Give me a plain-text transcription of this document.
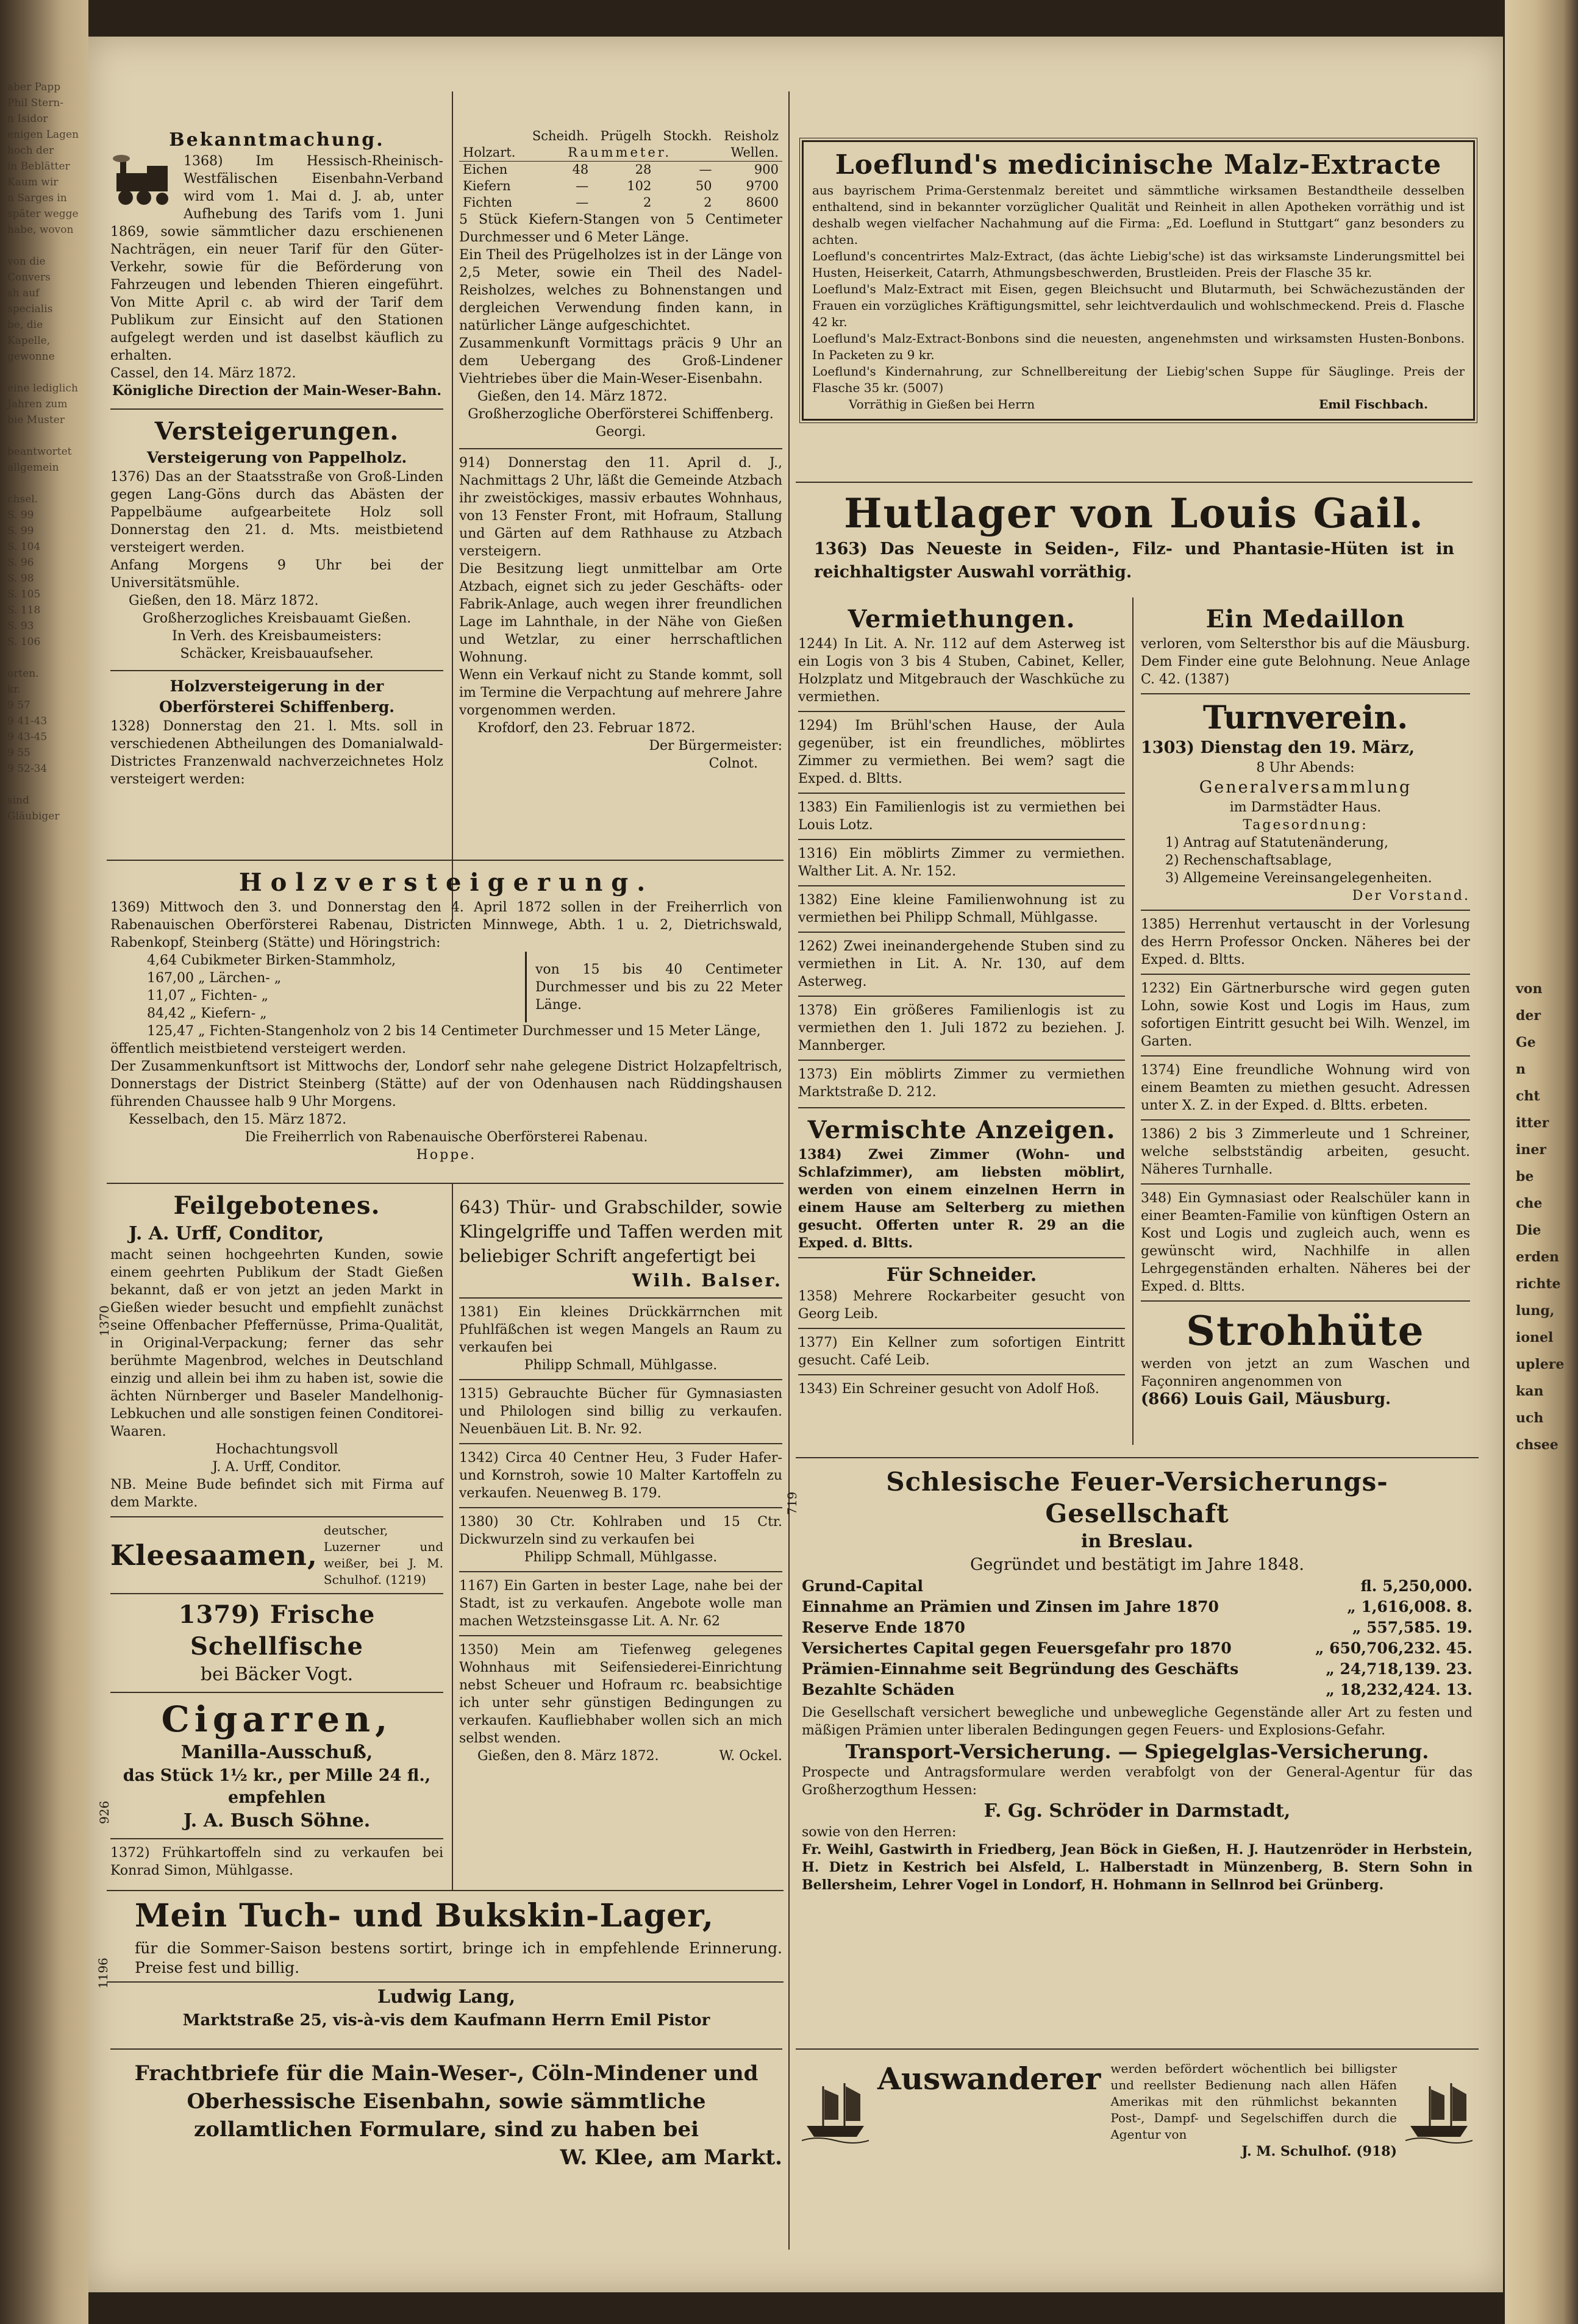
aber Papp
Phil Stern-
n Isidor
enigen Lagen
hoch der
in Beblätter
Kaum wir
n Sarges in
später wegge
habe, wovon

von die Convers
sh auf specialis
be, die
Kapelle, gewonne

eine lediglich
Jahren zum
bie Muster

beantwortet
allgemein

chsel.
S. 99
S. 99
S. 104
S. 96
S. 98
S. 105
S. 118
S. 93
S. 106

orten.
kr.
9 57
9 41-43
9 43-45
9 55
9 52-34

sind
Gläubiger
von
der
Ge
n
cht
itter
iner
be
che
Die
erden
richte
lung,
ionel
uplere
kan
uch
chsee
Bekanntmachung.

1368) Im Hessisch-Rheinisch-Westfälischen Eisenbahn-Verband wird vom 1. Mai d. J. ab, unter Aufhebung des Tarifs vom 1. Juni 1869, sowie sämmtlicher dazu erschienenen Nachträgen, ein neuer Tarif für den Güter-Verkehr, sowie für die Beförderung von Fahrzeugen und lebenden Thieren eingeführt. Von Mitte April c. ab wird der Tarif dem Publikum zur Einsicht auf den Stationen aufgelegt werden und ist daselbst käuflich zu erhalten.

Cassel, den 14. März 1872.

Königliche Direction der Main-Weser-Bahn.

Versteigerungen.
Versteigerung von Pappelholz.

1376) Das an der Staatsstraße von Groß-Linden gegen Lang-Göns durch das Abästen der Pappelbäume aufgearbeitete Holz soll Donnerstag den 21. d. Mts. meistbietend versteigert werden.

Anfang Morgens 9 Uhr bei der Universitätsmühle.

Gießen, den 18. März 1872.

Großherzogliches Kreisbauamt Gießen.

In Verh. des Kreisbaumeisters:

Schäcker, Kreisbauaufseher.

Holzversteigerung in der Oberförsterei Schiffenberg.

1328) Donnerstag den 21. l. Mts. soll in verschiedenen Abtheilungen des Domanialwald-Districtes Franzenwald nachverzeichnetes Holz versteigert werden:

	Scheidh.	Prügelh	Stockh.	Reisholz
Holzart.	Raummeter.			Wellen.
Eichen	48	28	—	900
Kiefern	—	102	50	9700
Fichten	—	2	2	8600

5 Stück Kiefern-Stangen von 5 Centimeter Durchmesser und 6 Meter Länge.

Ein Theil des Prügelholzes ist in der Länge von 2,5 Meter, sowie ein Theil des Nadel-Reisholzes, welches zu Bohnenstangen und dergleichen Verwendung finden kann, in natürlicher Länge aufgeschichtet.

Zusammenkunft Vormittags präcis 9 Uhr an dem Uebergang des Groß-Lindener Viehtriebes über die Main-Weser-Eisenbahn.

Gießen, den 14. März 1872.

Großherzogliche Oberförsterei Schiffenberg.

Georgi.

914) Donnerstag den 11. April d. J., Nachmittags 2 Uhr, läßt die Gemeinde Atzbach ihr zweistöckiges, massiv erbautes Wohnhaus, von 13 Fenster Front, mit Hofraum, Stallung und Gärten auf dem Rathhause zu Atzbach versteigern.

Die Besitzung liegt unmittelbar am Orte Atzbach, eignet sich zu jeder Geschäfts- oder Fabrik-Anlage, auch wegen ihrer freundlichen Lage im Lahnthale, in der Nähe von Gießen und Wetzlar, zu einer herrschaftlichen Wohnung.

Wenn ein Verkauf nicht zu Stande kommt, soll im Termine die Verpachtung auf mehrere Jahre vorgenommen werden.

Krofdorf, den 23. Februar 1872.

Der Bürgermeister:

Colnot.

Holzversteigerung.

1369) Mittwoch den 3. und Donnerstag den 4. April 1872 sollen in der Freiherrlich von Rabenauischen Oberförsterei Rabenau, Districten Minnwege, Abth. 1 u. 2, Dietrichswald, Rabenkopf, Steinberg (Stätte) und Höringstrich:

4,64 Cubikmeter Birken-Stammholz,

167,00 „ Lärchen- „

11,07 „ Fichten- „

84,42 „ Kiefern- „

von 15 bis 40 Centimeter Durchmesser und bis zu 22 Meter Länge.

125,47 „ Fichten-Stangenholz von 2 bis 14 Centimeter Durchmesser und 15 Meter Länge,

öffentlich meistbietend versteigert werden.

Der Zusammenkunftsort ist Mittwochs der, Londorf sehr nahe gelegene District Holzapfeltrisch, Donnerstags der District Steinberg (Stätte) auf der von Odenhausen nach Rüddingshausen führenden Chaussee halb 9 Uhr Morgens.

Kesselbach, den 15. März 1872.

Die Freiherrlich von Rabenauische Oberförsterei Rabenau.

Hoppe.

Feilgebotenes.
1370
J. A. Urff, Conditor,

macht seinen hochgeehrten Kunden, sowie einem geehrten Publikum der Stadt Gießen bekannt, daß er von jetzt an jeden Markt in Gießen wieder besucht und empfiehlt zunächst seine Offenbacher Pfeffernüsse, Prima-Qualität, in Original-Verpackung; ferner das sehr berühmte Magenbrod, welches in Deutschland einzig und allein bei ihm zu haben ist, sowie die ächten Nürnberger und Baseler Mandelhonig-Lebkuchen und alle sonstigen feinen Conditorei-Waaren.

Hochachtungsvoll

J. A. Urff, Conditor.

NB. Meine Bude befindet sich mit Firma auf dem Markte.

Kleesaamen,

deutscher, Luzerner und weißer, bei J. M. Schulhof. (1219)

1379) Frische Schellfische

bei Bäcker Vogt.

926
Cigarren,
Manilla-Ausschuß,

das Stück 1½ kr., per Mille 24 fl., empfehlen

J. A. Busch Söhne.

1372) Frühkartoffeln sind zu verkaufen bei Konrad Simon, Mühlgasse.

643) Thür- und Grabschilder, sowie Klingelgriffe und Taffen werden mit beliebiger Schrift angefertigt bei

Wilh. Balser.

1381) Ein kleines Drückkärrnchen mit Pfuhlfäßchen ist wegen Mangels an Raum zu verkaufen bei

Philipp Schmall, Mühlgasse.

1315) Gebrauchte Bücher für Gymnasiasten und Philologen sind billig zu verkaufen. Neuenbäuen Lit. B. Nr. 92.

1342) Circa 40 Centner Heu, 3 Fuder Hafer- und Kornstroh, sowie 10 Malter Kartoffeln zu verkaufen. Neuenweg B. 179.

1380) 30 Ctr. Kohlraben und 15 Ctr. Dickwurzeln sind zu verkaufen bei

Philipp Schmall, Mühlgasse.

1167) Ein Garten in bester Lage, nahe bei der Stadt, ist zu verkaufen. Angebote wolle man machen Wetzsteinsgasse Lit. A. Nr. 62

1350) Mein am Tiefenweg gelegenes Wohnhaus mit Seifensiederei-Einrichtung nebst Scheuer und Hofraum rc. beabsichtige ich unter sehr günstigen Bedingungen zu verkaufen. Kaufliebhaber wollen sich an mich selbst wenden.

Gießen, den 8. März 1872.	W. Ockel.

1196
Mein Tuch- und Bukskin-Lager,

für die Sommer-Saison bestens sortirt, bringe ich in empfehlende Erinnerung. Preise fest und billig.

Ludwig Lang,

Marktstraße 25, vis-à-vis dem Kaufmann Herrn Emil Pistor

Frachtbriefe für die Main-Weser-, Cöln-Mindener und Oberhessische Eisenbahn, sowie sämmtliche zollamtlichen Formulare, sind zu haben bei

W. Klee, am Markt.

Loeflund's medicinische Malz-Extracte

aus bayrischem Prima-Gerstenmalz bereitet und sämmtliche wirksamen Bestandtheile desselben enthaltend, sind in bekannter vorzüglicher Qualität und Reinheit in allen Apotheken vorräthig und ist deshalb wegen vielfacher Nachahmung auf die Firma: „Ed. Loeflund in Stuttgart“ ganz besonders zu achten.

Loeflund's concentrirtes Malz-Extract, (das ächte Liebig'sche) ist das wirksamste Linderungsmittel bei Husten, Heiserkeit, Catarrh, Athmungsbeschwerden, Brustleiden. Preis der Flasche 35 kr.

Loeflund's Malz-Extract mit Eisen, gegen Bleichsucht und Blutarmuth, bei Schwächezuständen der Frauen ein vorzügliches Kräftigungsmittel, sehr leichtverdaulich und wohlschmeckend. Preis d. Flasche 42 kr.

Loeflund's Malz-Extract-Bonbons sind die neuesten, angenehmsten und wirksamsten Husten-Bonbons. In Packeten zu 9 kr.

Loeflund's Kindernahrung, zur Schnellbereitung der Liebig'schen Suppe für Säuglinge. Preis der Flasche 35 kr. (5007)

Vorräthig in Gießen bei Herrn	Emil Fischbach.

Hutlager von Louis Gail.

1363) Das Neueste in Seiden-, Filz- und Phantasie-Hüten ist in reichhaltigster Auswahl vorräthig.

Vermiethungen.

1244) In Lit. A. Nr. 112 auf dem Asterweg ist ein Logis von 3 bis 4 Stuben, Cabinet, Keller, Holzplatz und Mitgebrauch der Waschküche zu vermiethen.

1294) Im Brühl'schen Hause, der Aula gegenüber, ist ein freundliches, möblirtes Zimmer zu vermiethen. Bei wem? sagt die Exped. d. Bltts.

1383) Ein Familienlogis ist zu vermiethen bei Louis Lotz.

1316) Ein möblirts Zimmer zu vermiethen. Walther Lit. A. Nr. 152.

1382) Eine kleine Familienwohnung ist zu vermiethen bei Philipp Schmall, Mühlgasse.

1262) Zwei ineinandergehende Stuben sind zu vermiethen in Lit. A. Nr. 130, auf dem Asterweg.

1378) Ein größeres Familienlogis ist zu vermiethen den 1. Juli 1872 zu beziehen. J. Mannberger.

1373) Ein möblirts Zimmer zu vermiethen Marktstraße D. 212.

Vermischte Anzeigen.

1384) Zwei Zimmer (Wohn- und Schlafzimmer), am liebsten möblirt, werden von einem einzelnen Herrn in einem Hause am Selterberg zu miethen gesucht. Offerten unter R. 29 an die Exped. d. Bltts.

Für Schneider.

1358) Mehrere Rockarbeiter gesucht von Georg Leib.

1377) Ein Kellner zum sofortigen Eintritt gesucht. Café Leib.

1343) Ein Schreiner gesucht von Adolf Hoß.

Ein Medaillon

verloren, vom Seltersthor bis auf die Mäusburg. Dem Finder eine gute Belohnung. Neue Anlage C. 42. (1387)

Turnverein.

1303) Dienstag den 19. März,

8 Uhr Abends:

Generalversammlung

im Darmstädter Haus.

Tagesordnung:

1) Antrag auf Statutenänderung,

2) Rechenschaftsablage,

3) Allgemeine Vereinsangelegenheiten.

Der Vorstand.

1385) Herrenhut vertauscht in der Vorlesung des Herrn Professor Oncken. Näheres bei der Exped. d. Bltts.

1232) Ein Gärtnerbursche wird gegen guten Lohn, sowie Kost und Logis im Haus, zum sofortigen Eintritt gesucht bei Wilh. Wenzel, im Garten.

1374) Eine freundliche Wohnung wird von einem Beamten zu miethen gesucht. Adressen unter X. Z. in der Exped. d. Bltts. erbeten.

1386) 2 bis 3 Zimmerleute und 1 Schreiner, welche selbstständig arbeiten, gesucht. Näheres Turnhalle.

348) Ein Gymnasiast oder Realschüler kann in einer Beamten-Familie von künftigen Ostern an Kost und Logis und zugleich auch, wenn es gewünscht wird, Nachhilfe in allen Lehrgegenständen erhalten. Näheres bei der Exped. d. Bltts.

Strohhüte

werden von jetzt an zum Waschen und Façonniren angenommen von

(866) Louis Gail, Mäusburg.

719
Schlesische Feuer-Versicherungs-Gesellschaft
in Breslau.

Gegründet und bestätigt im Jahre 1848.

Grund-Capital	fl. 5,250,000.
Einnahme an Prämien und Zinsen im Jahre 1870	„ 1,616,008. 8.
Reserve Ende 1870	„ 557,585. 19.
Versichertes Capital gegen Feuersgefahr pro 1870	„ 650,706,232. 45.
Prämien-Einnahme seit Begründung des Geschäfts	„ 24,718,139. 23.
Bezahlte Schäden	„ 18,232,424. 13.

Die Gesellschaft versichert bewegliche und unbewegliche Gegenstände aller Art zu festen und mäßigen Prämien unter liberalen Bedingungen gegen Feuers- und Explosions-Gefahr.

Transport-Versicherung. — Spiegelglas-Versicherung.

Prospecte und Antragsformulare werden verabfolgt von der General-Agentur für das Großherzogthum Hessen:

F. Gg. Schröder in Darmstadt,

sowie von den Herren:

Fr. Weihl, Gastwirth in Friedberg, Jean Böck in Gießen, H. J. Hautzenröder in Herbstein, H. Dietz in Kestrich bei Alsfeld, L. Halberstadt in Münzenberg, B. Stern Sohn in Bellersheim, Lehrer Vogel in Londorf, H. Hohmann in Sellnrod bei Grünberg.

Auswanderer werden befördert wöchentlich bei billigster und reellster Bedienung nach allen Häfen Amerikas mit den rühmlichst bekannten Post-, Dampf- und Segelschiffen durch die Agentur von

J. M. Schulhof. (918)
